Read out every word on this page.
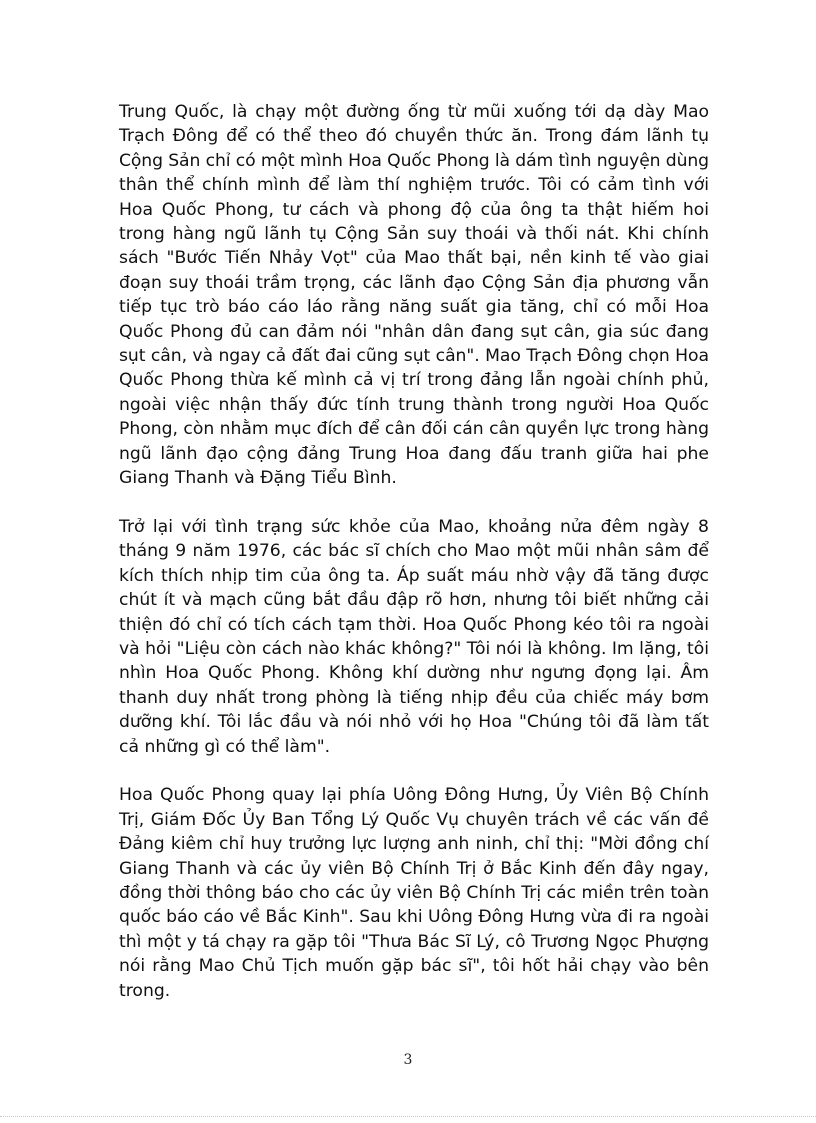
Trung Quốc, là chạy một đường ống từ mũi xuống tới dạ dày Mao
Trạch Đông để có thể theo đó chuyền thức ăn. Trong đám lãnh tụ
Cộng Sản chỉ có một mình Hoa Quốc Phong là dám tình nguyện dùng
thân thể chính mình để làm thí nghiệm trước. Tôi có cảm tình với
Hoa Quốc Phong, tư cách và phong độ của ông ta thật hiếm hoi
trong hàng ngũ lãnh tụ Cộng Sản suy thoái và thối nát. Khi chính
sách "Bước Tiến Nhảy Vọt" của Mao thất bại, nền kinh tế vào giai
đoạn suy thoái trầm trọng, các lãnh đạo Cộng Sản địa phương vẫn
tiếp tục trò báo cáo láo rằng năng suất gia tăng, chỉ có mỗi Hoa
Quốc Phong đủ can đảm nói "nhân dân đang sụt cân, gia súc đang
sụt cân, và ngay cả đất đai cũng sụt cân". Mao Trạch Đông chọn Hoa
Quốc Phong thừa kế mình cả vị trí trong đảng lẫn ngoài chính phủ,
ngoài việc nhận thấy đức tính trung thành trong người Hoa Quốc
Phong, còn nhằm mục đích để cân đối cán cân quyền lực trong hàng
ngũ lãnh đạo cộng đảng Trung Hoa đang đấu tranh giữa hai phe
Giang Thanh và Đặng Tiểu Bình.

Trở lại với tình trạng sức khỏe của Mao, khoảng nửa đêm ngày 8
tháng 9 năm 1976, các bác sĩ chích cho Mao một mũi nhân sâm để
kích thích nhịp tim của ông ta. Áp suất máu nhờ vậy đã tăng được
chút ít và mạch cũng bắt đầu đập rõ hơn, nhưng tôi biết những cải
thiện đó chỉ có tích cách tạm thời. Hoa Quốc Phong kéo tôi ra ngoài
và hỏi "Liệu còn cách nào khác không?" Tôi nói là không. Im lặng, tôi
nhìn Hoa Quốc Phong. Không khí dường như ngưng đọng lại. Âm
thanh duy nhất trong phòng là tiếng nhịp đều của chiếc máy bơm
dưỡng khí. Tôi lắc đầu và nói nhỏ với họ Hoa "Chúng tôi đã làm tất
cả những gì có thể làm".

Hoa Quốc Phong quay lại phía Uông Đông Hưng, Ủy Viên Bộ Chính
Trị, Giám Đốc Ủy Ban Tổng Lý Quốc Vụ chuyên trách về các vấn đề
Đảng kiêm chỉ huy trưởng lực lượng anh ninh, chỉ thị: "Mời đồng chí
Giang Thanh và các ủy viên Bộ Chính Trị ở Bắc Kinh đến đây ngay,
đồng thời thông báo cho các ủy viên Bộ Chính Trị các miền trên toàn
quốc báo cáo về Bắc Kinh". Sau khi Uông Đông Hưng vừa đi ra ngoài
thì một y tá chạy ra gặp tôi "Thưa Bác Sĩ Lý, cô Trương Ngọc Phượng
nói rằng Mao Chủ Tịch muốn gặp bác sĩ", tôi hốt hải chạy vào bên
trong.

3
